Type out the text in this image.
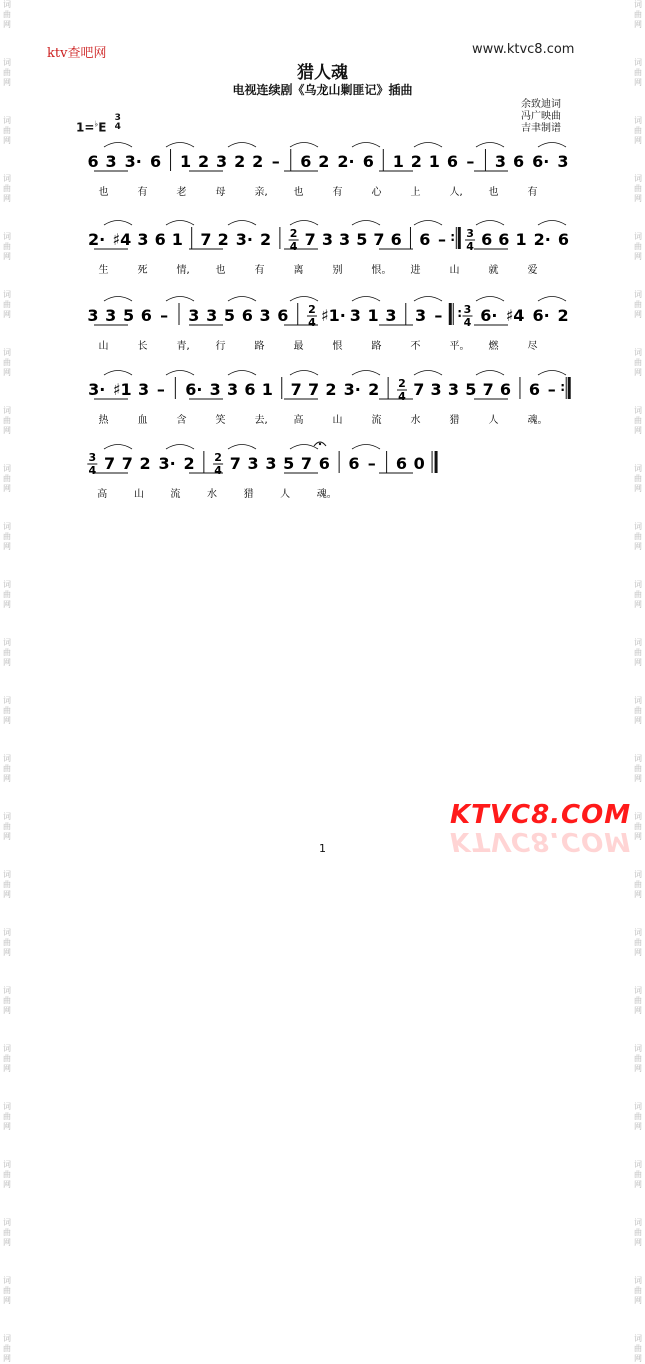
词
曲
网
词
曲
网
词
曲
网
词
曲
网
词
曲
网
词
曲
网
词
曲
网
词
曲
网
词
曲
网
词
曲
网
词
曲
网
词
曲
网
词
曲
网
词
曲
网
词
曲
网
词
曲
网
词
曲
网
词
曲
网
词
曲
网
词
曲
网
词
曲
网
词
曲
网
词
曲
网
词
曲
网
词
曲
网
词
曲
网
词
曲
网
词
曲
网
词
曲
网
词
曲
网
词
曲
网
词
曲
网
词
曲
网
词
曲
网
词
曲
网
词
曲
网
词
曲
网
词
曲
网
词
曲
网
词
曲
网
词
曲
网
词
曲
网
词
曲
网
词
曲
网
词
曲
网
词
曲
网
词
曲
网
词
曲
网
ktv查吧网	www.ktvc8.com
猎人魂
电视连续剧《乌龙山剿匪记》插曲
余致迪词
冯广映曲
吉聿制谱
1=♭E
3
4
6 3 3· 6 1 2 3 2 2 – 6 2 2· 6 1 2 1 6 – 3 6 6· 3
也	有	老	母	亲,	也	有	心	上	人,	也	有
2· ♯4 3 6 1 7 2 3· 2 2
4 7 3 3 5 7 6 6 – : 3
4 6 6 1 2· 6
生	死	情,	也	有	离	别	恨。 进	山	就	爱
3 3 5 6 – 3 3 5 6 3 6 2
4 ♯1· 3 1 3 3 – : 3
4 6· ♯4 6· 2
山	长	青,	行	路	最	恨	路	不	平。 燃	尽
3· ♯1 3 – 6· 3 3 6 1 7 7 2 3· 2 2
4 7 3 3 5 7 6 6 – :
热	血	含	笑	去,	高	山	流	水	猎	人	魂。
3
4 7 7 2 3· 2 2
4 7 3 3 5 7 6 6 – 6 0
高	山	流	水	猎	人	魂。
KTVC8.COM
KTVC8.COM
1
